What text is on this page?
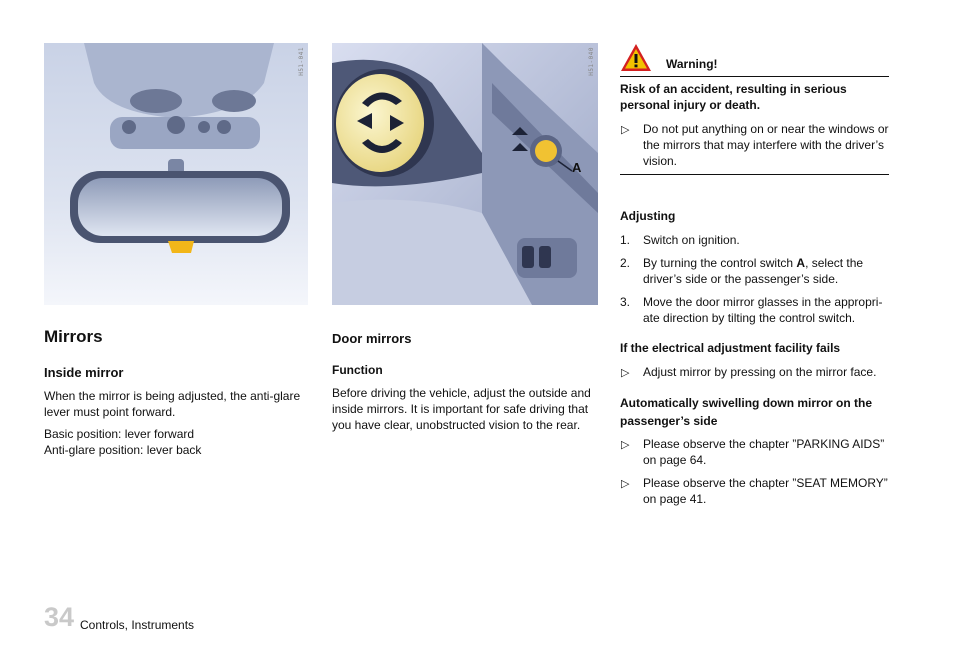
H51-041
A
H51-040
Mirrors
Inside mirror
When the mirror is being adjusted, the anti-glare
lever must point forward.
Basic position: lever forward
Anti-glare position: lever back
Door mirrors
Function
Before driving the vehicle, adjust the outside and
inside mirrors. It is important for safe driving that
you have clear, unobstructed vision to the rear.
Warning!
Risk of an accident, resulting in serious
personal injury or death.
▷ Do not put anything on or near the windows or
the mirrors that may interfere with the driver’s
vision.
Adjusting
1. Switch on ignition.
2. By turning the control switch A, select the
driver’s side or the passenger’s side.
3. Move the door mirror glasses in the appropri-
ate direction by tilting the control switch.
If the electrical adjustment facility fails
▷ Adjust mirror by pressing on the mirror face.
Automatically swivelling down mirror on the
passenger’s side
▷ Please observe the chapter ”PARKING AIDS”
on page 64.
▷ Please observe the chapter ”SEAT MEMORY”
on page 41.
34 Controls, Instruments
